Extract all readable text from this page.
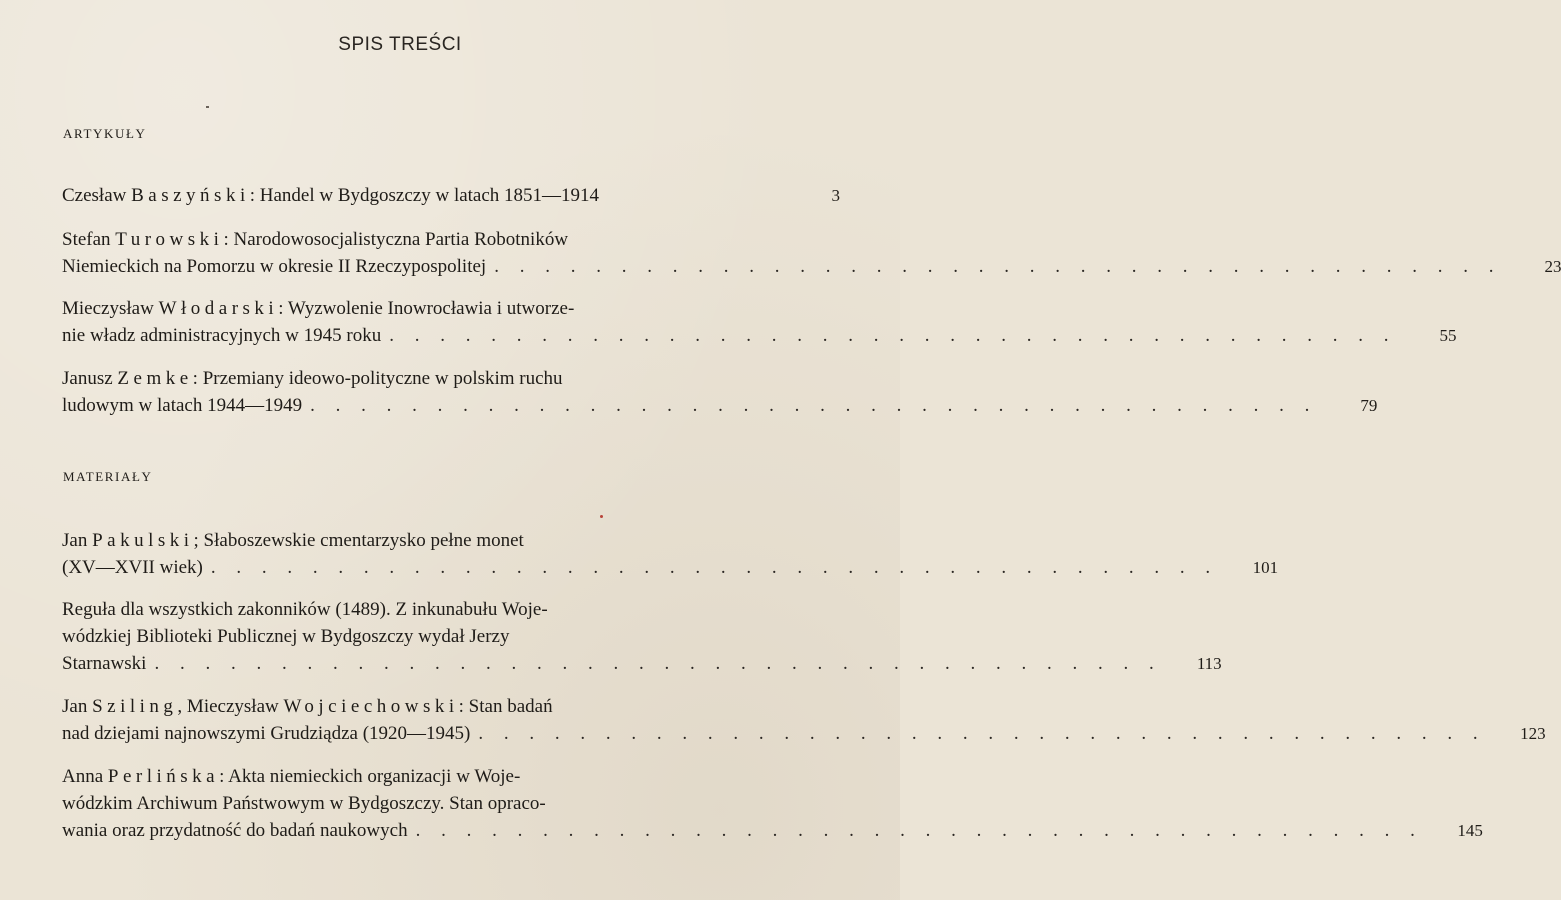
SPIS TREŚCI
ARTYKUŁY
Czesław Baszyński : Handel w Bydgoszczy w latach 1851—1914	3
Stefan Turowski : Narodowosocjalistyczna Partia Robotników
Niemieckich na Pomorzu w okresie II Rzeczypospolitej . . . . . . . . . . . . . . . . . . . . . . . . . . . . . . . . . . . . . . . .	23
Mieczysław Włodarski : Wyzwolenie Inowrocławia i utworze-
nie władz administracyjnych w 1945 roku . . . . . . . . . . . . . . . . . . . . . . . . . . . . . . . . . . . . . . . .	55
Janusz Zemke : Przemiany ideowo-polityczne w polskim ruchu
ludowym w latach 1944—1949 . . . . . . . . . . . . . . . . . . . . . . . . . . . . . . . . . . . . . . . .	79
MATERIAŁY
Jan Pakulski ; Słaboszewskie cmentarzysko pełne monet
(XV—XVII wiek) . . . . . . . . . . . . . . . . . . . . . . . . . . . . . . . . . . . . . . . .	101
Reguła dla wszystkich zakonników (1489). Z inkunabułu Woje-
wódzkiej Biblioteki Publicznej w Bydgoszczy wydał Jerzy
Starnawski . . . . . . . . . . . . . . . . . . . . . . . . . . . . . . . . . . . . . . . .	113
Jan Sziling , Mieczysław Wojciechowski : Stan badań
nad dziejami najnowszymi Grudziądza (1920—1945) . . . . . . . . . . . . . . . . . . . . . . . . . . . . . . . . . . . . . . . .	123
Anna Perlińska : Akta niemieckich organizacji w Woje-
wódzkim Archiwum Państwowym w Bydgoszczy. Stan opraco-
wania oraz przydatność do badań naukowych . . . . . . . . . . . . . . . . . . . . . . . . . . . . . . . . . . . . . . . .	145
